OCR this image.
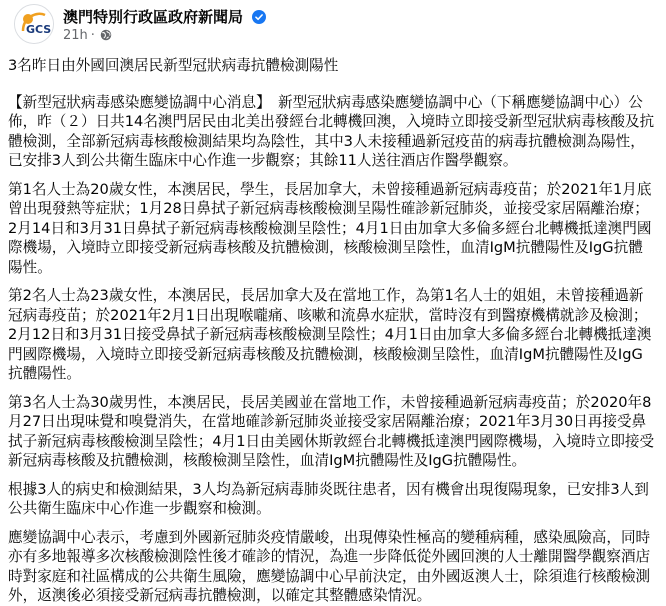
GCS
澳門特別行政區政府新聞局
21h ·

3名昨日由外國回澳居民新型冠狀病毒抗體檢測陽性

【新型冠狀病毒感染應變協調中心消息】　新型冠狀病毒感染應變協調中心（下稱應變協調中心）公佈，昨（２）日共14名澳門居民由北美出發經台北轉機回澳，入境時立即接受新型冠狀病毒核酸及抗體檢測，全部新冠病毒核酸檢測結果均為陰性，其中3人未接種過新冠疫苗的病毒抗體檢測為陽性，已安排3人到公共衛生臨床中心作進一步觀察；其餘11人送往酒店作醫學觀察。

第1名人士為20歲女性，本澳居民，學生，長居加拿大，未曾接種過新冠病毒疫苗；於2021年1月底曾出現發熱等症狀；1月28日鼻拭子新冠病毒核酸檢測呈陽性確診新冠肺炎，並接受家居隔離治療；2月14日和3月31日鼻拭子新冠病毒核酸檢測呈陰性；4月1日由加拿大多倫多經台北轉機抵達澳門國際機場，入境時立即接受新冠病毒核酸及抗體檢測，核酸檢測呈陰性，血清IgM抗體陽性及IgG抗體陽性。

第2名人士為23歲女性，本澳居民，長居加拿大及在當地工作，為第1名人士的姐姐，未曾接種過新冠病毒疫苗；於2021年2月1日出現喉嚨痛、咳嗽和流鼻水症狀，當時沒有到醫療機構就診及檢測；2月12日和3月31日接受鼻拭子新冠病毒核酸檢測呈陰性；4月1日由加拿大多倫多經台北轉機抵達澳門國際機場，入境時立即接受新冠病毒核酸及抗體檢測，核酸檢測呈陰性，血清IgM抗體陽性及IgG抗體陽性。

第3名人士為30歲男性，本澳居民，長居美國並在當地工作，未曾接種過新冠病毒疫苗；於2020年8月27日出現味覺和嗅覺消失，在當地確診新冠肺炎並接受家居隔離治療；2021年3月30日再接受鼻拭子新冠病毒核酸檢測呈陰性；4月1日由美國休斯敦經台北轉機抵達澳門國際機場，入境時立即接受新冠病毒核酸及抗體檢測，核酸檢測呈陰性，血清IgM抗體陽性及IgG抗體陽性。

根據3人的病史和檢測結果，3人均為新冠病毒肺炎既往患者，因有機會出現復陽現象，已安排3人到公共衛生臨床中心作進一步觀察和檢測。

應變協調中心表示，考慮到外國新冠肺炎疫情嚴峻，出現傳染性極高的變種病種，感染風險高，同時亦有多地報導多次核酸檢測陰性後才確診的情況，為進一步降低從外國回澳的人士離開醫學觀察酒店時對家庭和社區構成的公共衛生風險，應變協調中心早前決定，由外國返澳人士，除須進行核酸檢測外，返澳後必須接受新冠病毒抗體檢測，以確定其整體感染情況。
